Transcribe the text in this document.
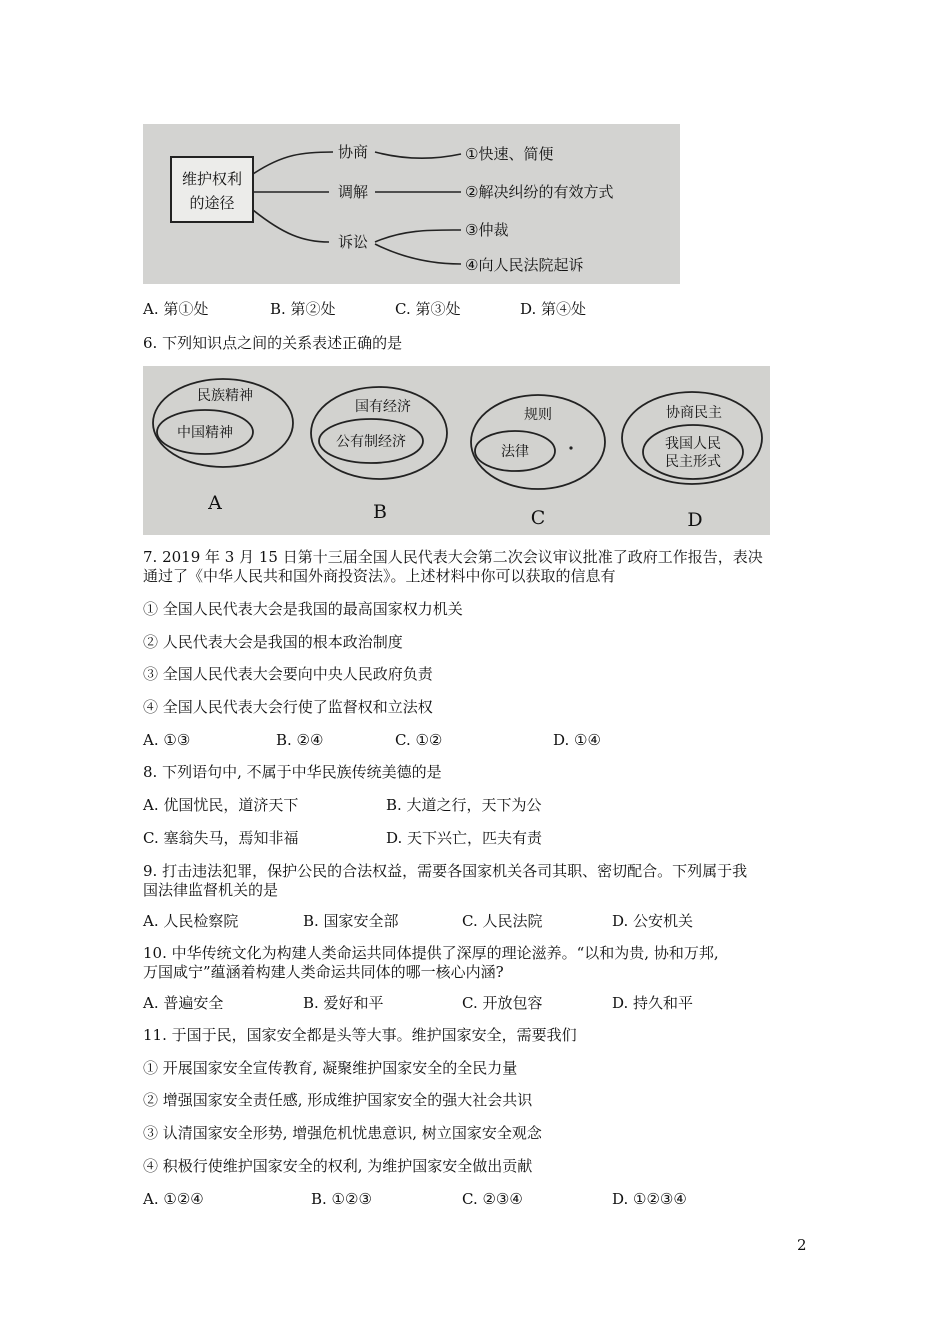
维护权利
的途径
协商
调解
诉讼
①快速、简便
②解决纠纷的有效方式
③仲裁
④向人民法院起诉
A. 第①处	B. 第②处	C. 第③处	D. 第④处
6. 下列知识点之间的关系表述正确的是
民族精神
中国精神
A
国有经济
公有制经济
B
规则
法律
C
协商民主
我国人民
民主形式
D
7. 2019 年 3 月 15 日第十三届全国人民代表大会第二次会议审议批准了政府工作报告，表决
通过了《中华人民共和国外商投资法》。上述材料中你可以获取的信息有
① 全国人民代表大会是我国的最高国家权力机关
② 人民代表大会是我国的根本政治制度
③ 全国人民代表大会要向中央人民政府负责
④ 全国人民代表大会行使了监督权和立法权
A. ①③	B. ②④	C. ①②	D. ①④
8. 下列语句中, 不属于中华民族传统美德的是
A. 优国忧民，道济天下	B. 大道之行，天下为公
C. 塞翁失马，焉知非福	D. 天下兴亡，匹夫有责
9. 打击违法犯罪，保护公民的合法权益，需要各国家机关各司其职、密切配合。下列属于我
国法律监督机关的是
A. 人民检察院	B. 国家安全部	C. 人民法院	D. 公安机关
10. 中华传统文化为构建人类命运共同体提供了深厚的理论滋养。“以和为贵, 协和万邦,
万国咸宁”蕴涵着构建人类命运共同体的哪一核心内涵?
A. 普遍安全	B. 爱好和平	C. 开放包容	D. 持久和平
11. 于国于民，国家安全都是头等大事。维护国家安全，需要我们
① 开展国家安全宣传教育, 凝聚维护国家安全的全民力量
② 增强国家安全责任感, 形成维护国家安全的强大社会共识
③ 认清国家安全形势, 增强危机忧患意识, 树立国家安全观念
④ 积极行使维护国家安全的权利, 为维护国家安全做出贡献
A. ①②④	B. ①②③	C. ②③④	D. ①②③④
2
